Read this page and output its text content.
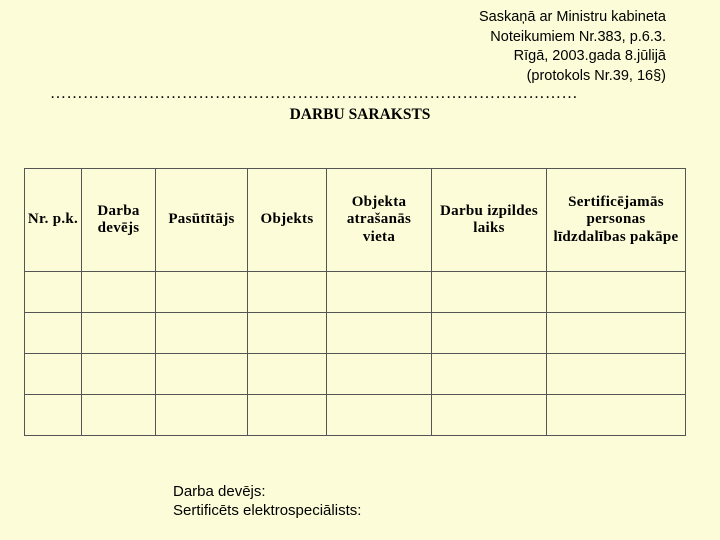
Saskaņā ar Ministru kabineta
Noteikumiem Nr.383, p.6.3.
Rīgā, 2003.gada 8.jūlijā
(protokols Nr.39, 16§)
……………………………………………………………………………………
DARBU SARAKSTS
Nr. p.k.	Darba devējs	Pasūtītājs	Objekts	Objekta atrašanās vieta	Darbu izpildes laiks	Sertificējamās personas līdzdalības pakāpe

Darba devējs:
Sertificēts elektrospeciālists:
